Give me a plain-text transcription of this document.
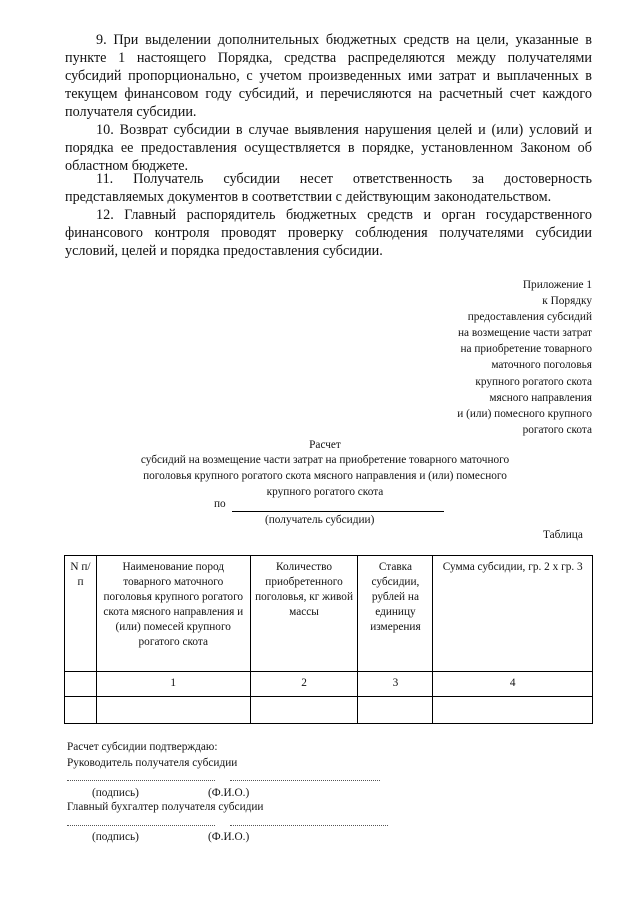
9. При выделении дополнительных бюджетных средств на цели, указанные в пункте 1 настоящего Порядка, средства распределяются между получателями субсидий пропорционально, с учетом произведенных ими затрат и выплаченных в текущем финансовом году субсидий, и перечисляются на расчетный счет каждого получателя субсидии.

10. Возврат субсидии в случае выявления нарушения целей и (или) условий и порядка ее предоставления осуществляется в порядке, установленном Законом об областном бюджете.

11. Получатель субсидии несет ответственность за достоверность представляемых документов в соответствии с действующим законодательством.

12. Главный распорядитель бюджетных средств и орган государственного финансового контроля проводят проверку соблюдения получателями субсидии условий, целей и порядка предоставления субсидии.

Приложение 1
к Порядку
предоставления субсидий
на возмещение части затрат
на приобретение товарного
маточного поголовья
крупного рогатого скота
мясного направления
и (или) помесного крупного
рогатого скота
Расчет
субсидий на возмещение части затрат на приобретение товарного маточного
поголовья крупного рогатого скота мясного направления и (или) помесного
крупного рогатого скота
по
(получатель субсидии)
Таблица
N п/п	Наименование пород товарного маточного поголовья крупного рогатого скота мясного направления и (или) помесей крупного рогатого скота	Количество приобретенного поголовья, кг живой массы	Ставка субсидии, рублей на единицу измерения	Сумма субсидии, гр. 2 x гр. 3
	1	2	3	4

Расчет субсидии подтверждаю:
Руководитель получателя субсидии
(подпись)	(Ф.И.О.)
Главный бухгалтер получателя субсидии
(подпись)	(Ф.И.О.)
